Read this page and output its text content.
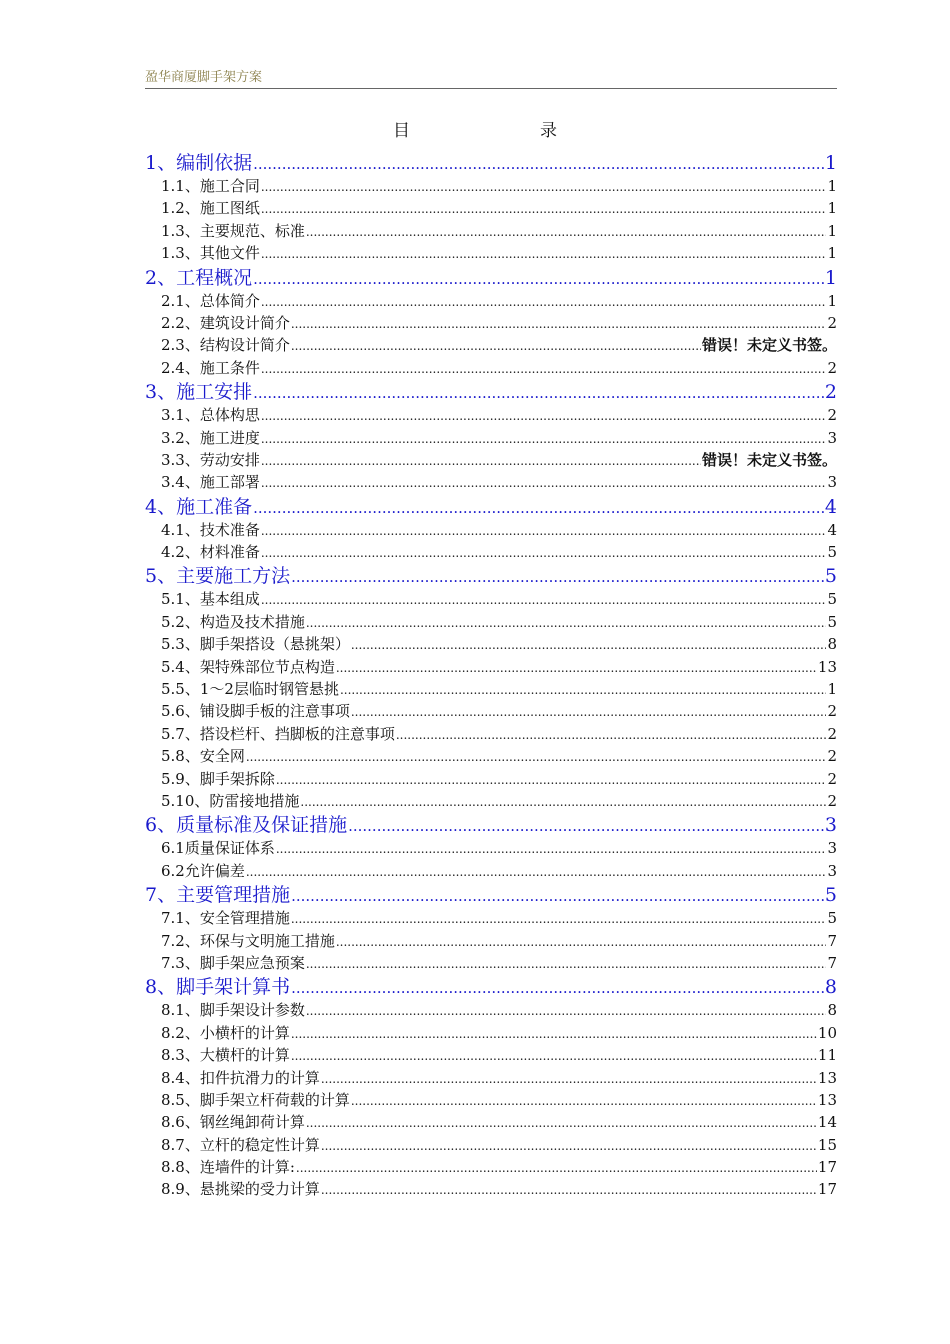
盈华商厦脚手架方案
目	录
1、编制依据 .....	1
1.1、施工合同 .....	1
1.2、施工图纸 .....	1
1.3、主要规范、标准 .....	1
1.3、其他文件 .....	1
2、工程概况 .....	1
2.1、总体简介 .....	1
2.2、建筑设计简介 .....	2
2.3、结构设计简介 .....	错误！未定义书签。
2.4、施工条件 .....	2
3、施工安排 .....	2
3.1、总体构思 .....	2
3.2、施工进度 .....	3
3.3、劳动安排 .....	错误！未定义书签。
3.4、施工部署 .....	3
4、施工准备 .....	4
4.1、技术准备 .....	4
4.2、材料准备 .....	5
5、主要施工方法 .....	5
5.1、基本组成 .....	5
5.2、构造及技术措施 .....	5
5.3、脚手架搭设（悬挑架） .....	8
5.4、架特殊部位节点构造 .....	13
5.5、1～2层临时钢管悬挑 .....	1
5.6、铺设脚手板的注意事项 .....	2
5.7、搭设栏杆、挡脚板的注意事项 .....	2
5.8、安全网 .....	2
5.9、脚手架拆除 .....	2
5.10、防雷接地措施 .....	2
6、质量标准及保证措施 .....	3
6.1质量保证体系 .....	3
6.2允许偏差 .....	3
7、主要管理措施 .....	5
7.1、安全管理措施 .....	5
7.2、环保与文明施工措施 .....	7
7.3、脚手架应急预案 .....	7
8、脚手架计算书 .....	8
8.1、脚手架设计参数 .....	8
8.2、小横杆的计算 .....	10
8.3、大横杆的计算 .....	11
8.4、扣件抗滑力的计算 .....	13
8.5、脚手架立杆荷载的计算 .....	13
8.6、钢丝绳卸荷计算 .....	14
8.7、立杆的稳定性计算 .....	15
8.8、连墙件的计算: .....	17
8.9、悬挑梁的受力计算 .....	17
